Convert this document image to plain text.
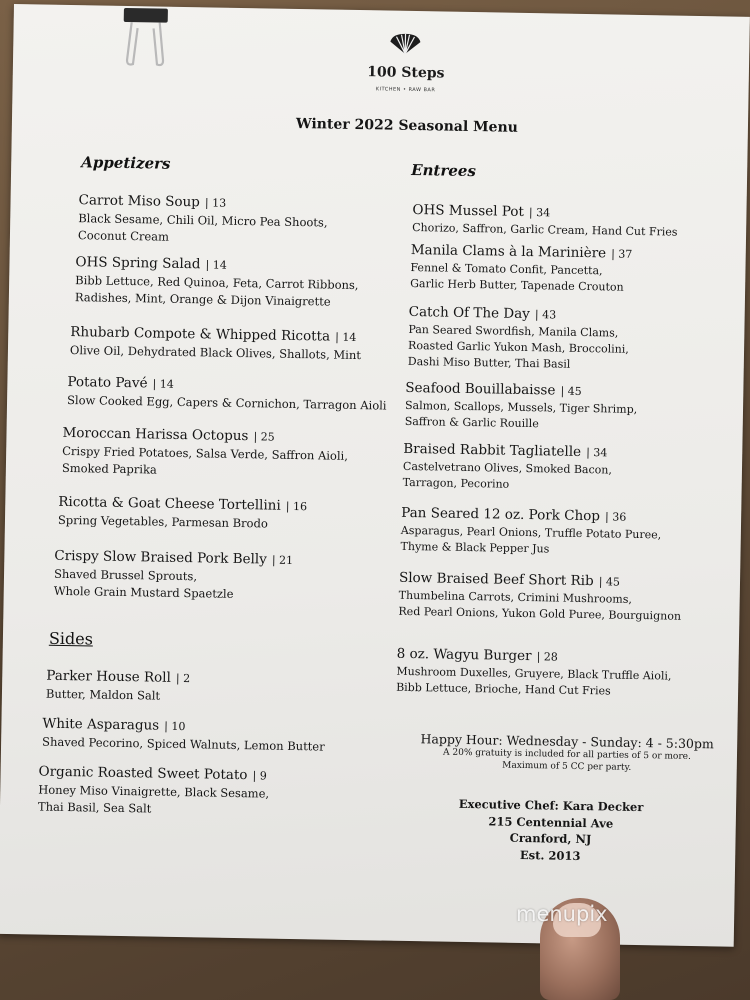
100 Steps
KITCHEN • RAW BAR
Winter 2022 Seasonal Menu
Appetizers
Carrot Miso Soup | 13
Black Sesame, Chili Oil, Micro Pea Shoots,
Coconut Cream
OHS Spring Salad | 14
Bibb Lettuce, Red Quinoa, Feta, Carrot Ribbons,
Radishes, Mint, Orange & Dijon Vinaigrette
Rhubarb Compote & Whipped Ricotta | 14
Olive Oil, Dehydrated Black Olives, Shallots, Mint
Potato Pavé | 14
Slow Cooked Egg, Capers & Cornichon, Tarragon Aioli
Moroccan Harissa Octopus | 25
Crispy Fried Potatoes, Salsa Verde, Saffron Aioli,
Smoked Paprika
Ricotta & Goat Cheese Tortellini | 16
Spring Vegetables, Parmesan Brodo
Crispy Slow Braised Pork Belly | 21
Shaved Brussel Sprouts,
Whole Grain Mustard Spaetzle
Sides
Parker House Roll | 2
Butter, Maldon Salt
White Asparagus | 10
Shaved Pecorino, Spiced Walnuts, Lemon Butter
Organic Roasted Sweet Potato | 9
Honey Miso Vinaigrette, Black Sesame,
Thai Basil, Sea Salt
Entrees
OHS Mussel Pot | 34
Chorizo, Saffron, Garlic Cream, Hand Cut Fries
Manila Clams à la Marinière | 37
Fennel & Tomato Confit, Pancetta,
Garlic Herb Butter, Tapenade Crouton
Catch Of The Day | 43
Pan Seared Swordfish, Manila Clams,
Roasted Garlic Yukon Mash, Broccolini,
Dashi Miso Butter, Thai Basil
Seafood Bouillabaisse | 45
Salmon, Scallops, Mussels, Tiger Shrimp,
Saffron & Garlic Rouille
Braised Rabbit Tagliatelle | 34
Castelvetrano Olives, Smoked Bacon,
Tarragon, Pecorino
Pan Seared 12 oz. Pork Chop | 36
Asparagus, Pearl Onions, Truffle Potato Puree,
Thyme & Black Pepper Jus
Slow Braised Beef Short Rib | 45
Thumbelina Carrots, Crimini Mushrooms,
Red Pearl Onions, Yukon Gold Puree, Bourguignon
8 oz. Wagyu Burger | 28
Mushroom Duxelles, Gruyere, Black Truffle Aioli,
Bibb Lettuce, Brioche, Hand Cut Fries
Happy Hour: Wednesday - Sunday: 4 - 5:30pm
A 20% gratuity is included for all parties of 5 or more.
Maximum of 5 CC per party.
Executive Chef: Kara Decker
215 Centennial Ave
Cranford, NJ
Est. 2013
menupix
